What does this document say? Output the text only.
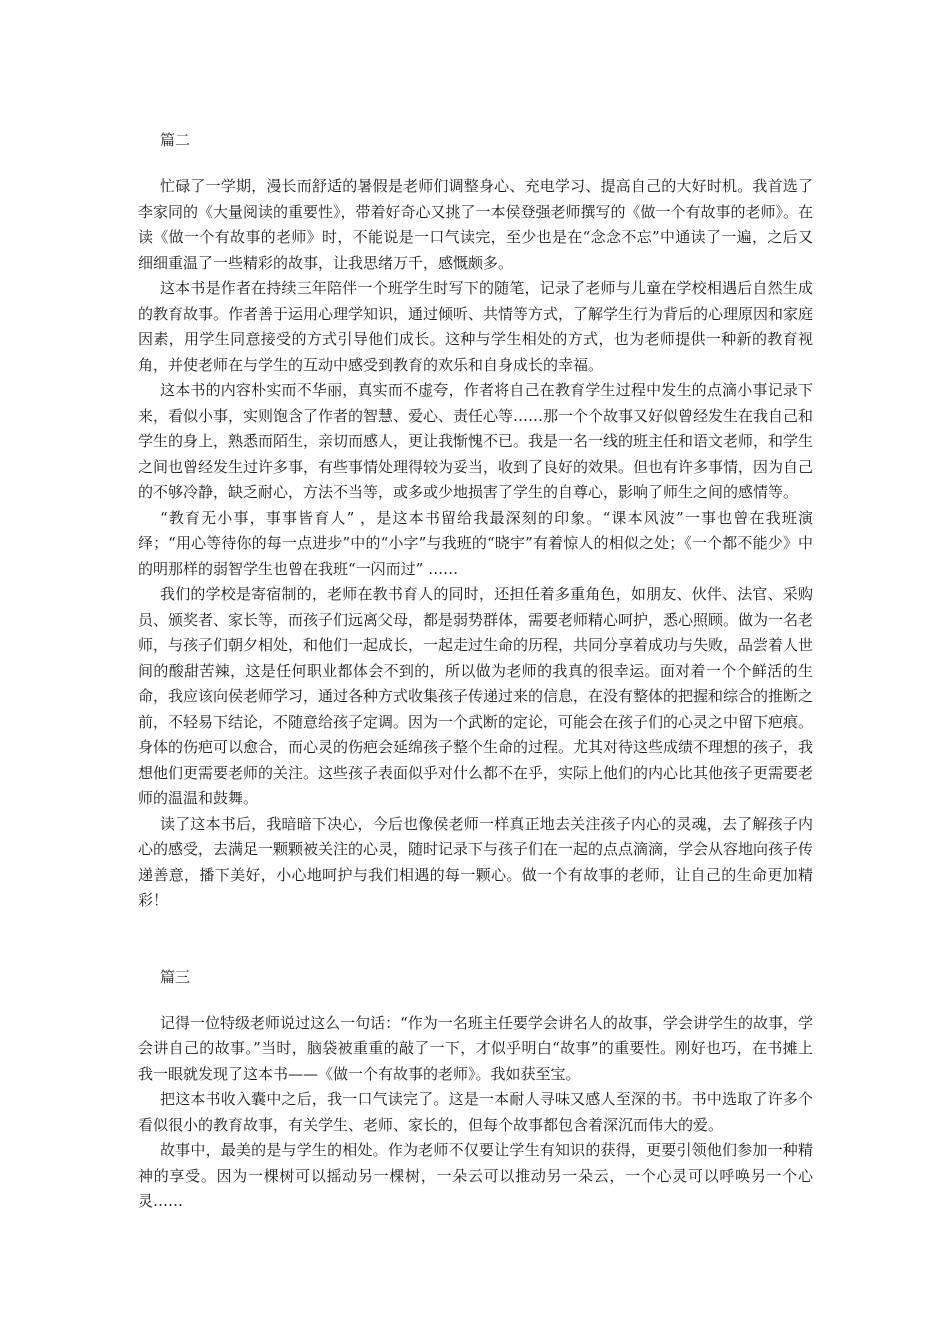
篇二

忙碌了一学期，漫长而舒适的暑假是老师们调整身心、充电学习、提高自己的大好时机。我首选了李家同的《大量阅读的重要性》，带着好奇心又挑了一本侯登强老师撰写的《做一个有故事的老师》。在读《做一个有故事的老师》时，不能说是一口气读完，至少也是在“念念不忘”中通读了一遍，之后又细细重温了一些精彩的故事，让我思绪万千，感慨颇多。

这本书是作者在持续三年陪伴一个班学生时写下的随笔，记录了老师与儿童在学校相遇后自然生成的教育故事。作者善于运用心理学知识，通过倾听、共情等方式，了解学生行为背后的心理原因和家庭因素，用学生同意接受的方式引导他们成长。这种与学生相处的方式，也为老师提供一种新的教育视角，并使老师在与学生的互动中感受到教育的欢乐和自身成长的幸福。

这本书的内容朴实而不华丽，真实而不虚夸，作者将自己在教育学生过程中发生的点滴小事记录下来，看似小事，实则饱含了作者的智慧、爱心、责任心等……那一个个故事又好似曾经发生在我自己和学生的身上，熟悉而陌生，亲切而感人，更让我惭愧不已。我是一名一线的班主任和语文老师，和学生之间也曾经发生过许多事，有些事情处理得较为妥当，收到了良好的效果。但也有许多事情，因为自己的不够冷静，缺乏耐心，方法不当等，或多或少地损害了学生的自尊心，影响了师生之间的感情等。

“教育无小事，事事皆育人” ，是这本书留给我最深刻的印象。“课本风波”一事也曾在我班演绎；“用心等待你的每一点进步”中的“小字”与我班的“晓宇”有着惊人的相似之处；《一个都不能少》中的明那样的弱智学生也曾在我班“一闪而过” ……

我们的学校是寄宿制的，老师在教书育人的同时，还担任着多重角色，如朋友、伙伴、法官、采购员、颁奖者、家长等，而孩子们远离父母，都是弱势群体，需要老师精心呵护，悉心照顾。做为一名老师，与孩子们朝夕相处，和他们一起成长，一起走过生命的历程，共同分享着成功与失败，品尝着人世间的酸甜苦辣，这是任何职业都体会不到的，所以做为老师的我真的很幸运。面对着一个个鲜活的生命，我应该向侯老师学习，通过各种方式收集孩子传递过来的信息，在没有整体的把握和综合的推断之前，不轻易下结论，不随意给孩子定调。因为一个武断的定论，可能会在孩子们的心灵之中留下疤痕。身体的伤疤可以愈合，而心灵的伤疤会延绵孩子整个生命的过程。尤其对待这些成绩不理想的孩子，我想他们更需要老师的关注。这些孩子表面似乎对什么都不在乎，实际上他们的内心比其他孩子更需要老师的温温和鼓舞。

读了这本书后，我暗暗下决心，今后也像侯老师一样真正地去关注孩子内心的灵魂，去了解孩子内心的感受，去满足一颗颗被关注的心灵，随时记录下与孩子们在一起的点点滴滴，学会从容地向孩子传递善意，播下美好，小心地呵护与我们相遇的每一颗心。做一个有故事的老师，让自己的生命更加精彩！

篇三

记得一位特级老师说过这么一句话：“作为一名班主任要学会讲名人的故事，学会讲学生的故事，学会讲自己的故事。”当时，脑袋被重重的敲了一下，才似乎明白“故事”的重要性。刚好也巧，在书摊上我一眼就发现了这本书——《做一个有故事的老师》。我如获至宝。

把这本书收入囊中之后，我一口气读完了。这是一本耐人寻味又感人至深的书。书中选取了许多个看似很小的教育故事，有关学生、老师、家长的，但每个故事都包含着深沉而伟大的爱。

故事中，最美的是与学生的相处。作为老师不仅要让学生有知识的获得，更要引领他们参加一种精神的享受。因为一棵树可以摇动另一棵树，一朵云可以推动另一朵云，一个心灵可以呼唤另一个心灵……
